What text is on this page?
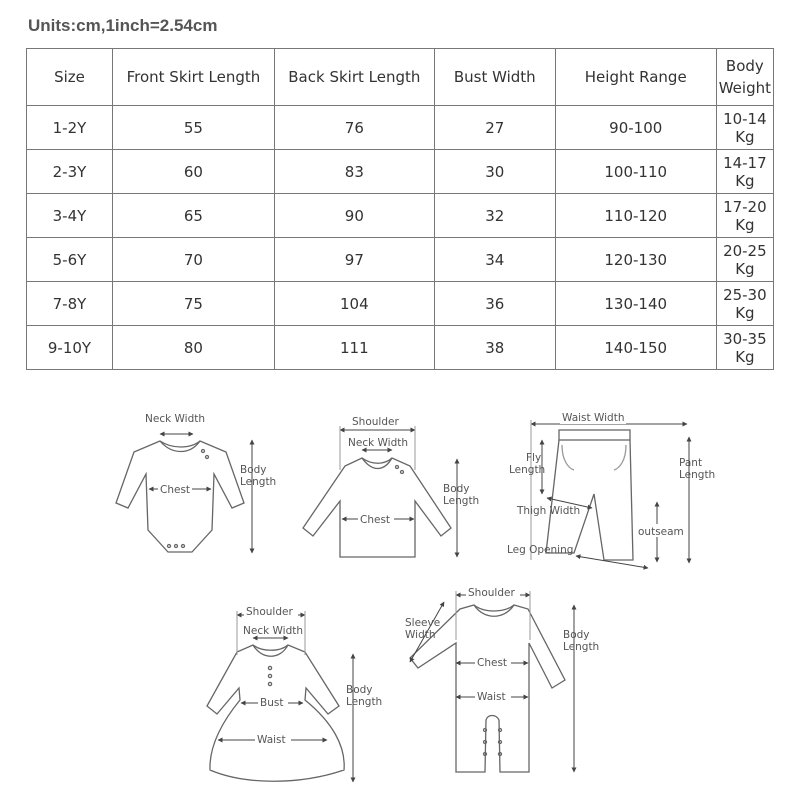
Units:cm,1inch=2.54cm
Size	Front Skirt Length	Back Skirt Length	Bust Width	Height Range	Body Weight
1-2Y	55	76	27	90-100	10-14 Kg
2-3Y	60	83	30	100-110	14-17 Kg
3-4Y	65	90	32	110-120	17-20 Kg
5-6Y	70	97	34	120-130	20-25 Kg
7-8Y	75	104	36	130-140	25-30 Kg
9-10Y	80	111	38	140-150	30-35 Kg
Neck Width
Body
Length
Chest
Shoulder
Neck Width
Body
Length
Chest
Waist Width
Fly
Length
Pant
Length
Thigh Width
outseam
Leg Opening
Shoulder
Neck Width
Body
Length
Bust
Waist
Shoulder
Sleeve
Width	Body
Length
Chest
Waist
